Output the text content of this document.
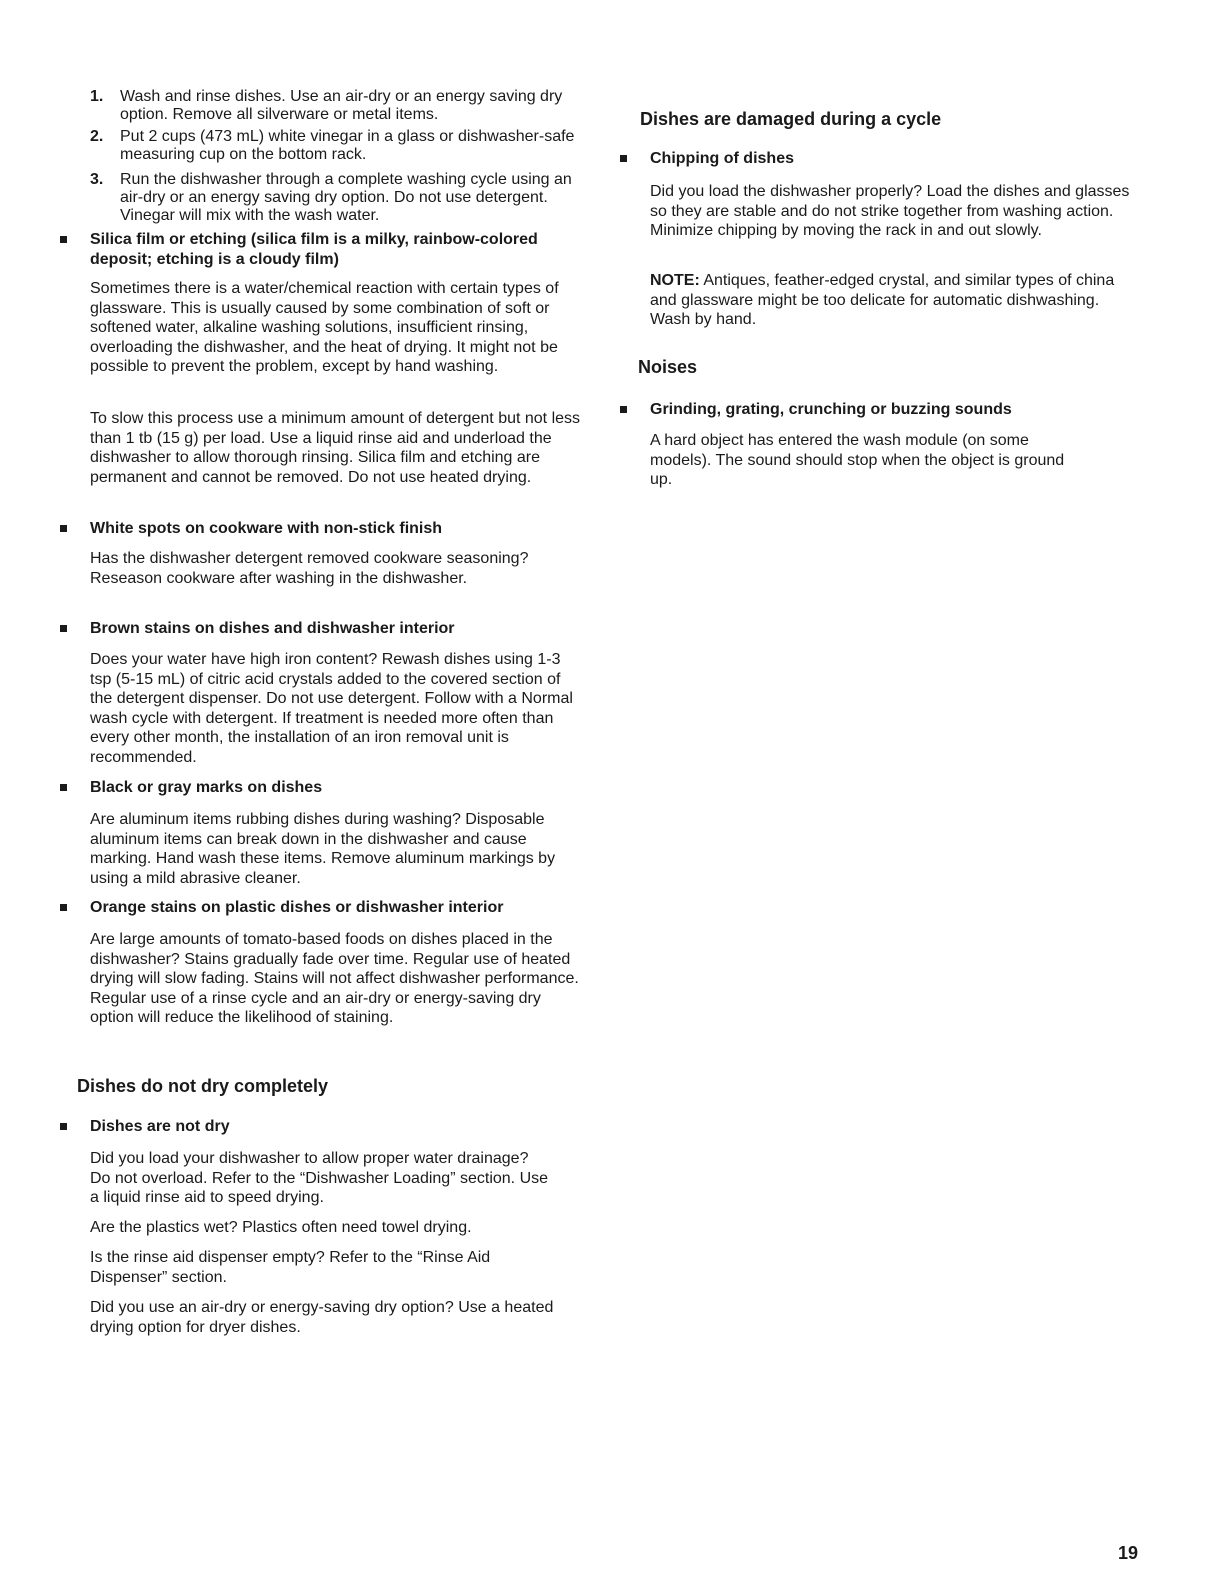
1. Wash and rinse dishes. Use an air-dry or an energy saving dry option. Remove all silverware or metal items.
2. Put 2 cups (473 mL) white vinegar in a glass or dishwasher-safe measuring cup on the bottom rack.
3. Run the dishwasher through a complete washing cycle using an air-dry or an energy saving dry option. Do not use detergent. Vinegar will mix with the wash water.
Silica film or etching (silica film is a milky, rainbow-colored deposit; etching is a cloudy film)

Sometimes there is a water/chemical reaction with certain types of glassware. This is usually caused by some combination of soft or softened water, alkaline washing solutions, insufficient rinsing, overloading the dishwasher, and the heat of drying. It might not be possible to prevent the problem, except by hand washing.

To slow this process use a minimum amount of detergent but not less than 1 tb (15 g) per load. Use a liquid rinse aid and underload the dishwasher to allow thorough rinsing. Silica film and etching are permanent and cannot be removed. Do not use heated drying.

White spots on cookware with non-stick finish

Has the dishwasher detergent removed cookware seasoning? Reseason cookware after washing in the dishwasher.

Brown stains on dishes and dishwasher interior

Does your water have high iron content? Rewash dishes using 1-3 tsp (5-15 mL) of citric acid crystals added to the covered section of the detergent dispenser. Do not use detergent. Follow with a Normal wash cycle with detergent. If treatment is needed more often than every other month, the installation of an iron removal unit is recommended.

Black or gray marks on dishes

Are aluminum items rubbing dishes during washing? Disposable aluminum items can break down in the dishwasher and cause marking. Hand wash these items. Remove aluminum markings by using a mild abrasive cleaner.

Orange stains on plastic dishes or dishwasher interior

Are large amounts of tomato-based foods on dishes placed in the dishwasher? Stains gradually fade over time. Regular use of heated drying will slow fading. Stains will not affect dishwasher performance. Regular use of a rinse cycle and an air-dry or energy-saving dry option will reduce the likelihood of staining.

Dishes do not dry completely
Dishes are not dry

Did you load your dishwasher to allow proper water drainage? Do not overload. Refer to the “Dishwasher Loading” section. Use a liquid rinse aid to speed drying.

Are the plastics wet? Plastics often need towel drying.

Is the rinse aid dispenser empty? Refer to the “Rinse Aid Dispenser” section.

Did you use an air-dry or energy-saving dry option? Use a heated drying option for dryer dishes.

Dishes are damaged during a cycle
Chipping of dishes

Did you load the dishwasher properly? Load the dishes and glasses so they are stable and do not strike together from washing action. Minimize chipping by moving the rack in and out slowly.

NOTE: Antiques, feather-edged crystal, and similar types of china and glassware might be too delicate for automatic dishwashing. Wash by hand.

Noises
Grinding, grating, crunching or buzzing sounds

A hard object has entered the wash module (on some models). The sound should stop when the object is ground up.

19
